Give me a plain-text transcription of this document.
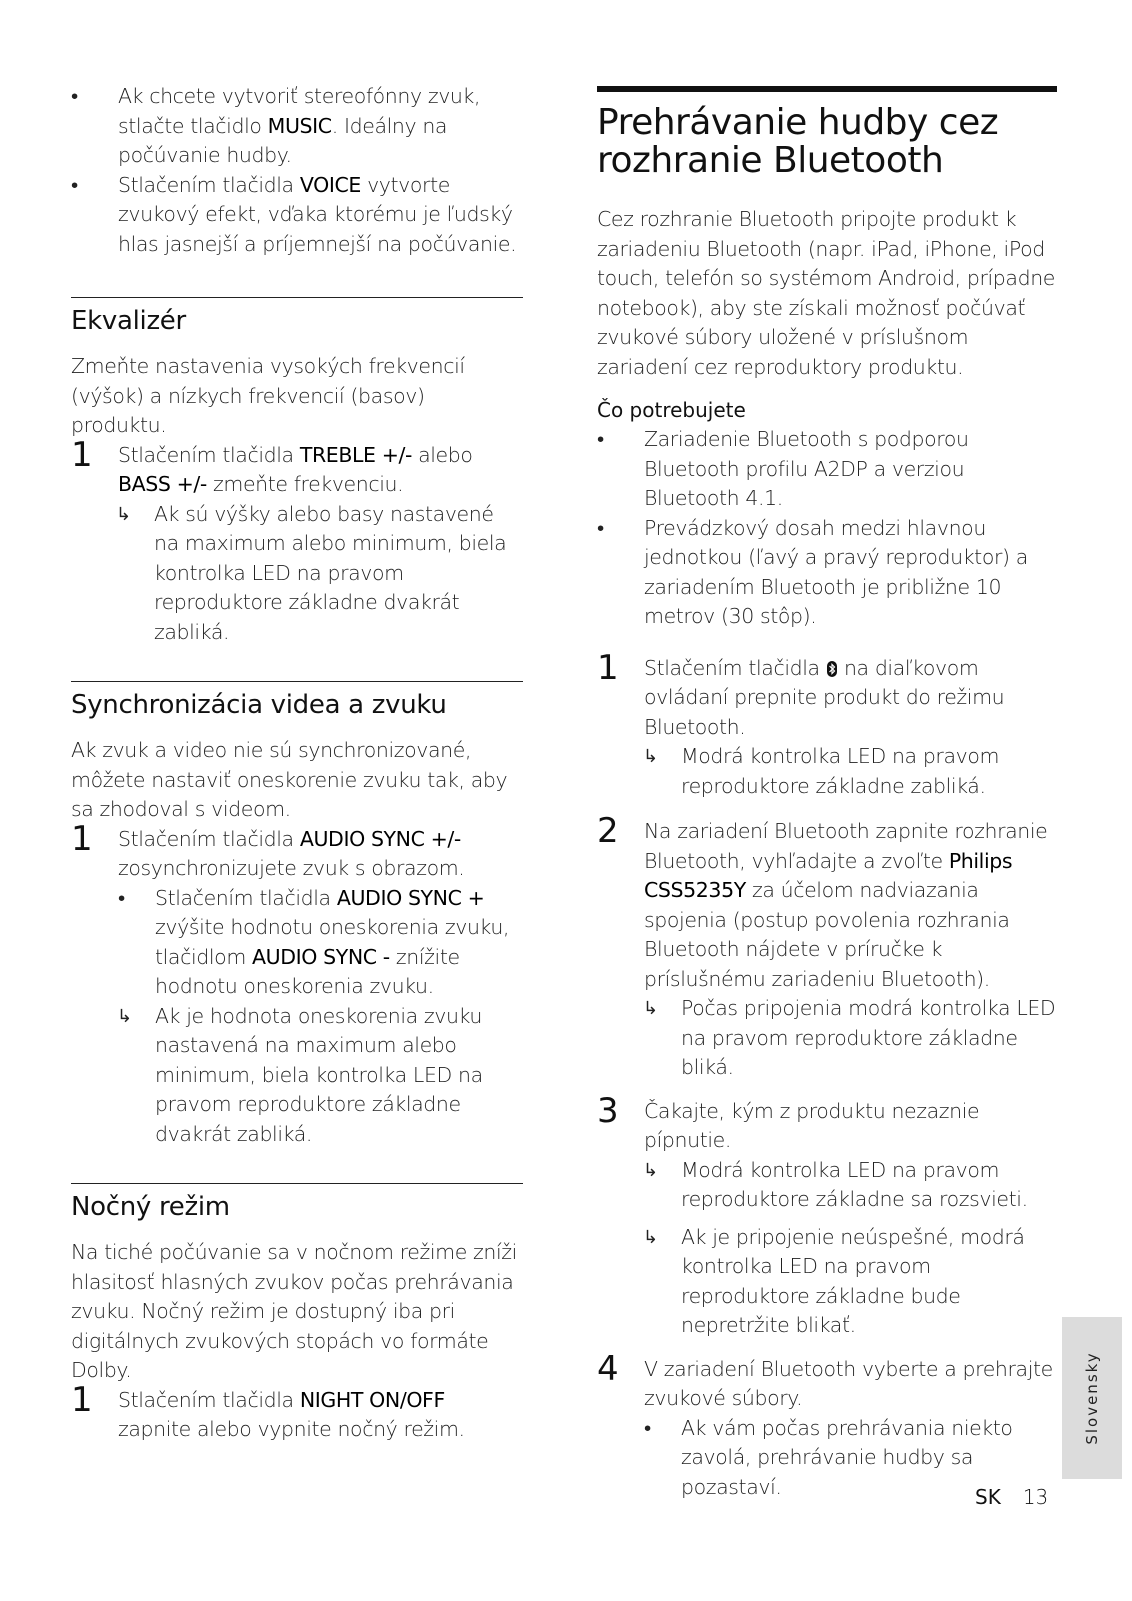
•	Ak chcete vytvoriť stereofónny zvuk, stlačte tlačidlo MUSIC. Ideálny na počúvanie hudby.
•	Stlačením tlačidla VOICE vytvorte zvukový efekt, vďaka ktorému je ľudský hlas jasnejší a príjemnejší na počúvanie.
Ekvalizér
Zmeňte nastavenia vysokých frekvencií (výšok) a nízkych frekvencií (basov) produktu.
1 Stlačením tlačidla TREBLE +/- alebo BASS +/- zmeňte frekvenciu.
↳ Ak sú výšky alebo basy nastavené na maximum alebo minimum, biela kontrolka LED na pravom reproduktore základne dvakrát zabliká.
Synchronizácia videa a zvuku
Ak zvuk a video nie sú synchronizované, môžete nastaviť oneskorenie zvuku tak, aby sa zhodoval s videom.
1 Stlačením tlačidla AUDIO SYNC +/- zosynchronizujete zvuk s obrazom.
• Stlačením tlačidla AUDIO SYNC + zvýšite hodnotu oneskorenia zvuku, tlačidlom AUDIO SYNC - znížite hodnotu oneskorenia zvuku.
↳ Ak je hodnota oneskorenia zvuku nastavená na maximum alebo minimum, biela kontrolka LED na pravom reproduktore základne dvakrát zabliká.
Nočný režim
Na tiché počúvanie sa v nočnom režime zníži hlasitosť hlasných zvukov počas prehrávania zvuku. Nočný režim je dostupný iba pri digitálnych zvukových stopách vo formáte Dolby.
1 Stlačením tlačidla NIGHT ON/OFF zapnite alebo vypnite nočný režim.
Prehrávanie hudby cez rozhranie Bluetooth
Cez rozhranie Bluetooth pripojte produkt k zariadeniu Bluetooth (napr. iPad, iPhone, iPod touch, telefón so systémom Android, prípadne notebook), aby ste získali možnosť počúvať zvukové súbory uložené v príslušnom zariadení cez reproduktory produktu.
Čo potrebujete
•	Zariadenie Bluetooth s podporou Bluetooth profilu A2DP a verziou Bluetooth 4.1.
•	Prevádzkový dosah medzi hlavnou jednotkou (ľavý a pravý reproduktor) a zariadením Bluetooth je približne 10 metrov (30 stôp).
1 Stlačením tlačidla  na diaľkovom ovládaní prepnite produkt do režimu Bluetooth.
↳ Modrá kontrolka LED na pravom reproduktore základne zabliká.
2 Na zariadení Bluetooth zapnite rozhranie Bluetooth, vyhľadajte a zvoľte Philips CSS5235Y za účelom nadviazania spojenia (postup povolenia rozhrania Bluetooth nájdete v príručke k príslušnému zariadeniu Bluetooth).
↳ Počas pripojenia modrá kontrolka LED na pravom reproduktore základne bliká.
3 Čakajte, kým z produktu nezaznie pípnutie.
↳ Modrá kontrolka LED na pravom reproduktore základne sa rozsvieti.
↳ Ak je pripojenie neúspešné, modrá kontrolka LED na pravom reproduktore základne bude nepretržite blikať.
4 V zariadení Bluetooth vyberte a prehrajte zvukové súbory.
• Ak vám počas prehrávania niekto zavolá, prehrávanie hudby sa pozastaví.
Slovensky
SK 13
